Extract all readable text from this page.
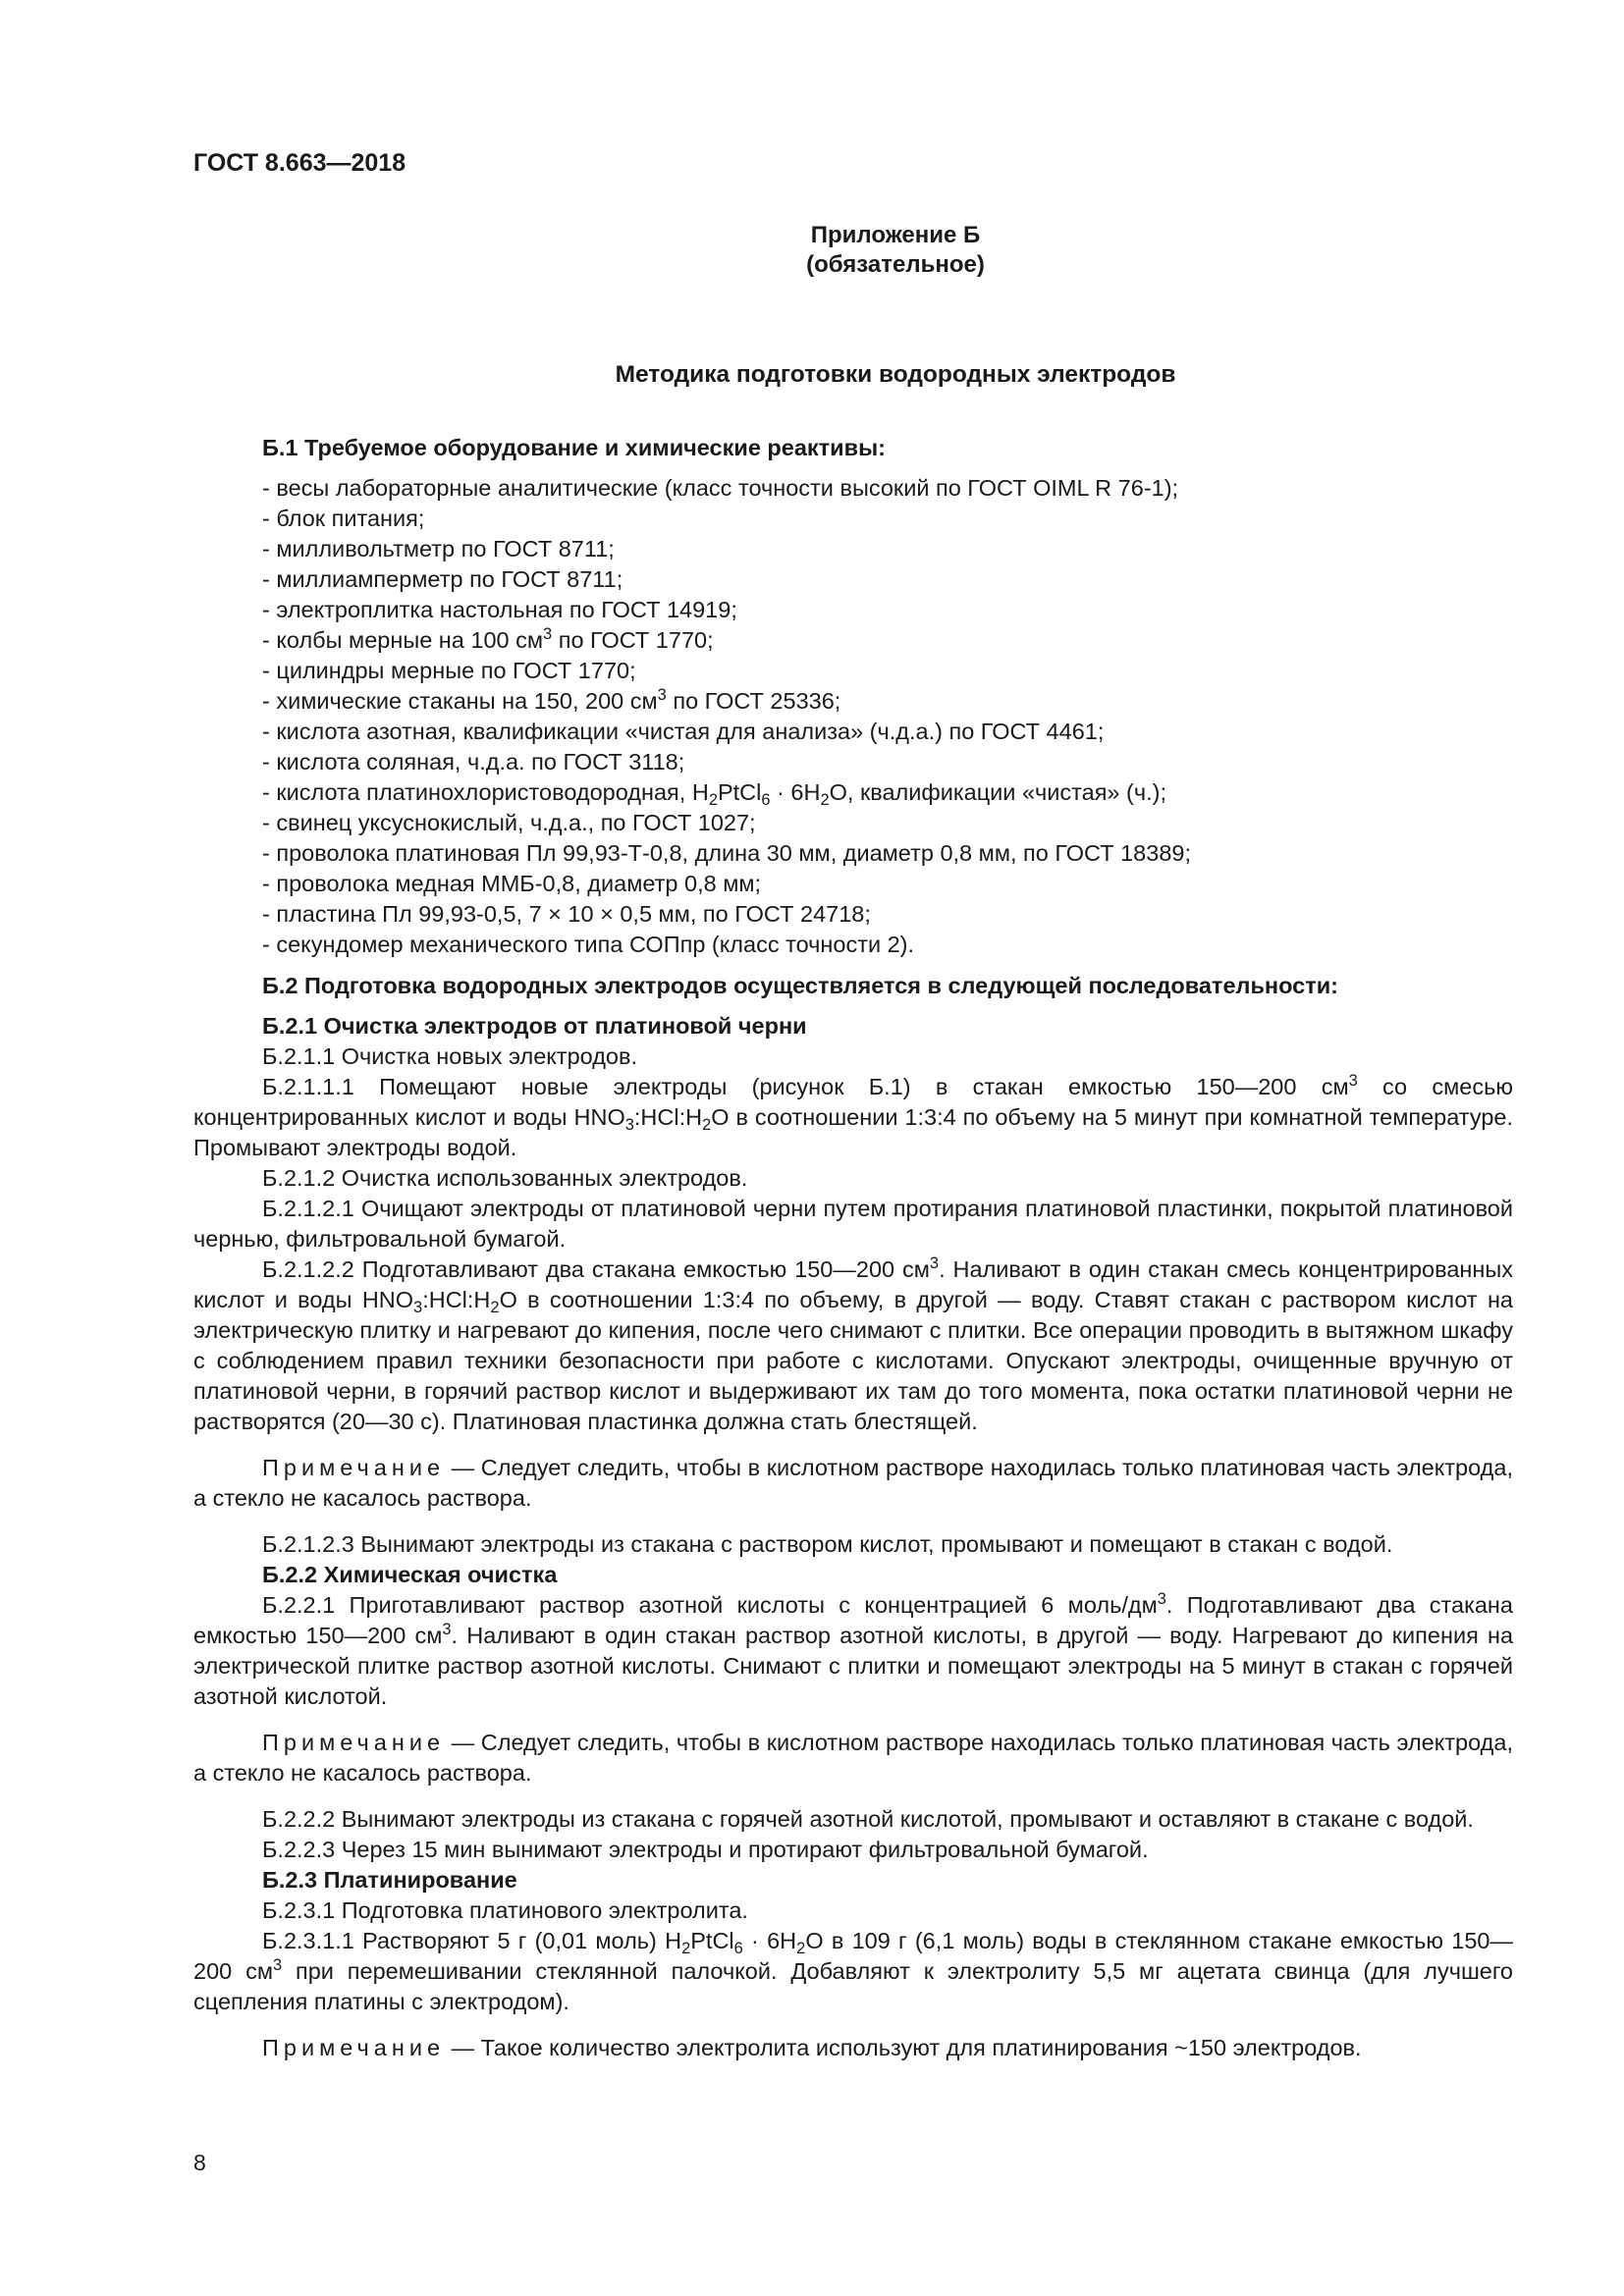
ГОСТ 8.663—2018
Приложение Б
(обязательное)
Методика подготовки водородных электродов

Б.1 Требуемое оборудование и химические реактивы:

- весы лабораторные аналитические (класс точности высокий по ГОСТ OIML R 76-1);
- блок питания;
- милливольтметр по ГОСТ 8711;
- миллиамперметр по ГОСТ 8711;
- электроплитка настольная по ГОСТ 14919;
- колбы мерные на 100 $см^3$ по ГОСТ 1770;
- цилиндры мерные по ГОСТ 1770;
- химические стаканы на 150, 200 $см^3$ по ГОСТ 25336;
- кислота азотная, квалификации «чистая для анализа» (ч.д.а.) по ГОСТ 4461;
- кислота соляная, ч.д.а. по ГОСТ 3118;
- кислота платинохлористоводородная, $H_2PtCl_6 \cdot 6H_2O$, квалификации «чистая» (ч.);
- свинец уксуснокислый, ч.д.а., по ГОСТ 1027;
- проволока платиновая Пл 99,93-Т-0,8, длина 30 мм, диаметр 0,8 мм, по ГОСТ 18389;
- проволока медная ММБ-0,8, диаметр 0,8 мм;
- пластина Пл 99,93-0,5, 7 × 10 × 0,5 мм, по ГОСТ 24718;
- секундомер механического типа СОПпр (класс точности 2).

Б.2 Подготовка водородных электродов осуществляется в следующей последовательности:

Б.2.1 Очистка электродов от платиновой черни

Б.2.1.1 Очистка новых электродов.

Б.2.1.1.1 Помещают новые электроды (рисунок Б.1) в стакан емкостью 150—200 $см^3$ со смесью концентрированных кислот и воды $HNO_3:HCl:H_2O$ в соотношении 1:3:4 по объему на 5 минут при комнатной температуре. Промывают электроды водой.

Б.2.1.2 Очистка использованных электродов.

Б.2.1.2.1 Очищают электроды от платиновой черни путем протирания платиновой пластинки, покрытой платиновой чернью, фильтровальной бумагой.

Б.2.1.2.2 Подготавливают два стакана емкостью 150—200 $см^3$. Наливают в один стакан смесь концентрированных кислот и воды $HNO_3:HCl:H_2O$ в соотношении 1:3:4 по объему, в другой — воду. Ставят стакан с раствором кислот на электрическую плитку и нагревают до кипения, после чего снимают с плитки. Все операции проводить в вытяжном шкафу с соблюдением правил техники безопасности при работе с кислотами. Опускают электроды, очищенные вручную от платиновой черни, в горячий раствор кислот и выдерживают их там до того момента, пока остатки платиновой черни не растворятся (20—30 с). Платиновая пластинка должна стать блестящей.

Примечание — Следует следить, чтобы в кислотном растворе находилась только платиновая часть электрода, а стекло не касалось раствора.

Б.2.1.2.3 Вынимают электроды из стакана с раствором кислот, промывают и помещают в стакан с водой.

Б.2.2 Химическая очистка

Б.2.2.1 Приготавливают раствор азотной кислоты с концентрацией 6 моль/$дм^3$. Подготавливают два стакана емкостью 150—200 $см^3$. Наливают в один стакан раствор азотной кислоты, в другой — воду. Нагревают до кипения на электрической плитке раствор азотной кислоты. Снимают с плитки и помещают электроды на 5 минут в стакан с горячей азотной кислотой.

Примечание — Следует следить, чтобы в кислотном растворе находилась только платиновая часть электрода, а стекло не касалось раствора.

Б.2.2.2 Вынимают электроды из стакана с горячей азотной кислотой, промывают и оставляют в стакане с водой.

Б.2.2.3 Через 15 мин вынимают электроды и протирают фильтровальной бумагой.

Б.2.3 Платинирование

Б.2.3.1 Подготовка платинового электролита.

Б.2.3.1.1 Растворяют 5 г (0,01 моль) $H_2PtCl_6 \cdot 6H_2O$ в 109 г (6,1 моль) воды в стеклянном стакане емкостью 150—200 $см^3$ при перемешивании стеклянной палочкой. Добавляют к электролиту 5,5 мг ацетата свинца (для лучшего сцепления платины с электродом).

Примечание — Такое количество электролита используют для платинирования ~150 электродов.

8
